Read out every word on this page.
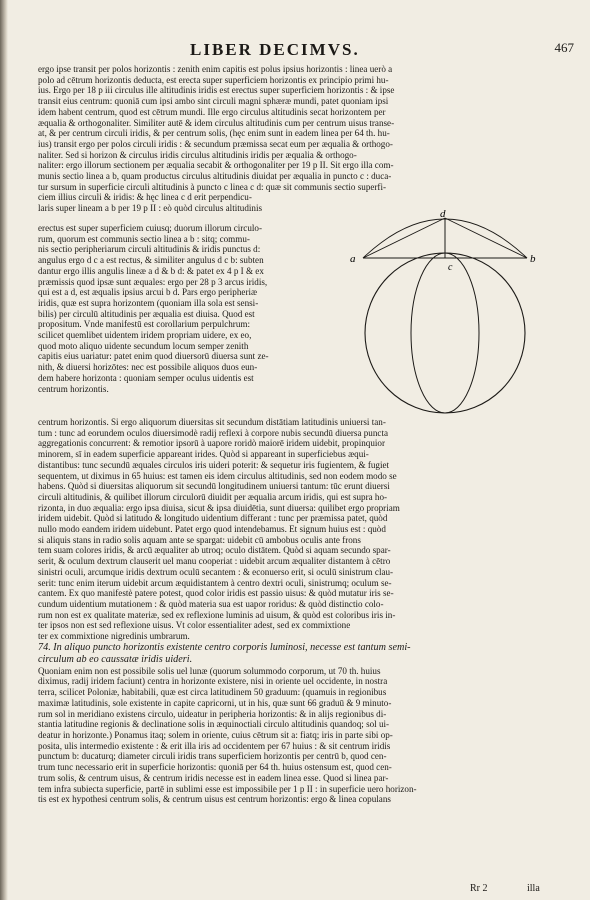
LIBER DECIMVS.	467
ergo ipse transit per polos horizontis : zenith enim capitis est polus ipsius horizontis : linea uerò a
polo ad cētrum horizontis deducta, est erecta super superficiem horizontis ex principio primi hu-
ius. Ergo per 18 p iii circulus ille altitudinis iridis est erectus super superficiem horizontis : & ipse
transit eius centrum: quoniā cum ipsi ambo sint circuli magni sphæræ mundi, patet quoniam ipsi
idem habent centrum, quod est cētrum mundi. Ille ergo circulus altitudinis secat horizontem per
æqualia & orthogonaliter. Similiter autē & idem circulus altitudinis cum per centrum uisus transe-
at, & per centrum circuli iridis, & per centrum solis, (hęc enim sunt in eadem linea per 64 th. hu-
ius) transit ergo per polos circuli iridis : & secundum præmissa secat eum per æqualia & orthogo-
naliter. Sed si horizon & circulus iridis circulus altitudinis iridis per æqualia & orthogo-
naliter: ergo illorum sectionem per æqualia secabit & orthogonaliter per 19 p II. Sit ergo illa com-
munis sectio linea a b, quam productus circulus altitudinis diuidat per æqualia in puncto c : duca-
tur sursum in superficie circuli altitudinis à puncto c linea c d: quæ sit communis sectio superfi-
ciem illius circuli & iridis: & hęc linea c d erit perpendicu-
laris super lineam a b per 19 p II : eò quòd circulus altitudinis
erectus est super superficiem cuiusq; duorum illorum circulo-
rum, quorum est communis sectio linea a b : sitq; commu-
nis sectio peripheriarum circuli altitudinis & iridis punctus d:
angulus ergo d c a est rectus, & similiter angulus d c b: subten
dantur ergo illis angulis lineæ a d & b d: & patet ex 4 p I & ex
præmissis quod ipsæ sunt æquales: ergo per 28 p 3 arcus iridis,
qui est a d, est æqualis ipsius arcui b d. Pars ergo peripheriæ
iridis, quæ est supra horizontem (quoniam illa sola est sensi-
bilis) per circulū altitudinis per æqualia est diuisa. Quod est
propositum. Vnde manifestū est corollarium perpulchrum:
scilicet quemlibet uidentem iridem propriam uidere, ex eo,
quod moto aliquo uidente secundum locum semper zenith
capitis eius uariatur: patet enim quod diuersorū diuersa sunt ze-
nith, & diuersi horizōtes: nec est possibile aliquos duos eun-
dem habere horizonta : quoniam semper oculus uidentis est
centrum horizontis.
a	b
c
d
centrum horizontis. Si ergo aliquorum diuersitas sit secundum distātiam latitudinis uniuersi tan-
tum : tunc ad eorundem oculos diuersimodè radij reflexi à corpore nubis secundū diuersa puncta
aggregationis concurrent: & remotior ipsorū à uapore roridò maiorē iridem uidebit, propinquior
minorem, sī in eadem superficie appareant irides. Quòd si appareant in superficiebus æqui-
distantibus: tunc secundū æquales circulos iris uideri poterit: & sequetur iris fugientem, & fugiet
sequentem, ut diximus in 65 huius: est tamen eis idem circulus altitudinis, sed non eodem modo se
habens. Quòd si diuersitas aliquorum sit secundū longitudinem uniuersi tantum: tūc erunt diuersi
circuli altitudinis, & quilibet illorum circulorū diuidit per æqualia arcum iridis, qui est supra ho-
rizonta, in duo æqualia: ergo ipsa diuisa, sicut & ipsa diuidētia, sunt diuersa: quilibet ergo propriam
iridem uidebit. Quòd si latitudo & longitudo uidentium differant : tunc per præmissa patet, quòd
nullo modo eandem iridem uidebunt. Patet ergo quod intendebamus. Et signum huius est : quòd
si aliquis stans in radio solis aquam ante se spargat: uidebit cū ambobus oculis ante frons
tem suam colores iridis, & arcū æqualiter ab utroq; oculo distātem. Quòd si aquam secundo spar-
serit, & oculum dextrum clauserit uel manu cooperiat : uidebit arcum æqualiter distantem à cētro
sinistri oculi, arcumque iridis dextrum oculū secantem : & econuerso erit, si oculū sinistrum clau-
serit: tunc enim iterum uidebit arcum æquidistantem à centro dextri oculi, sinistrumq; oculum se-
cantem. Ex quo manifestè patere potest, quod color iridis est passio uisus: & quòd mutatur iris se-
cundum uidentium mutationem : & quòd materia sua est uapor roridus: & quòd distinctio colo-
rum non est ex qualitate materiæ, sed ex reflexione luminis ad uisum, & quòd est coloribus iris in-
ter ipsos non est sed reflexione uisus. Vt color essentialiter adest, sed ex commixtione
ter ex commixtione nigredinis umbrarum.
74. In aliquo puncto horizontis existente centro corporis luminosi, necesse est tantum semi-
circulum ab eo caussatæ iridis uideri.
Quoniam enim non est possibile solis uel lunæ (quorum solummodo corporum, ut 70 th. huius
diximus, radij iridem faciunt) centra in horizonte existere, nisi in oriente uel occidente, in nostra
terra, scilicet Poloniæ, habitabili, quæ est circa latitudinem 50 graduum: (quamuis in regionibus
maximæ latitudinis, sole existente in capite capricorni, ut in his, quæ sunt 66 graduū & 9 minuto-
rum sol in meridiano existens circulo, uideatur in peripheria horizontis: & in alijs regionibus di-
stantia latitudine regionis & declinatione solis in æquinoctiali circulo altitudinis quandoq; sol ui-
deatur in horizonte.) Ponamus itaq; solem in oriente, cuius cētrum sit a: fiatq; iris in parte sibi op-
posita, ulis intermedio existente : & erit illa iris ad occidentem per 67 huius : & sit centrum iridis
punctum b: ducaturq; diameter circuli iridis trans superficiem horizontis per centrū b, quod cen-
trum tunc necessario erit in superficie horizontis: quoniā per 64 th. huius ostensum est, quod cen-
trum solis, & centrum uisus, & centrum iridis necesse est in eadem linea esse. Quod si linea par-
tem infra subiecta superficie, partē in sublimi esse est impossibile per 1 p II : in superficie uero horizon-
tis est ex hypothesi centrum solis, & centrum uisus est centrum horizontis: ergo & linea copulans
Rr 2	illa
